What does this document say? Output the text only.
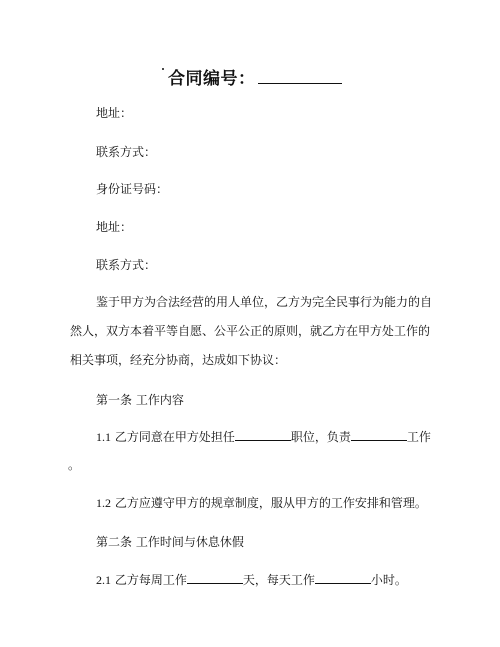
合同编号：
地址：
联系方式：
身份证号码：
地址：
联系方式：
鉴于甲方为合法经营的用人单位，乙方为完全民事行为能力的自
然人，双方本着平等自愿、公平公正的原则，就乙方在甲方处工作的
相关事项，经充分协商，达成如下协议：
第一条 工作内容
1.1 乙方同意在甲方处担任	职位，负责	工作
。
1.2 乙方应遵守甲方的规章制度，服从甲方的工作安排和管理。
第二条 工作时间与休息休假
2.1 乙方每周工作	天，每天工作	小时。
